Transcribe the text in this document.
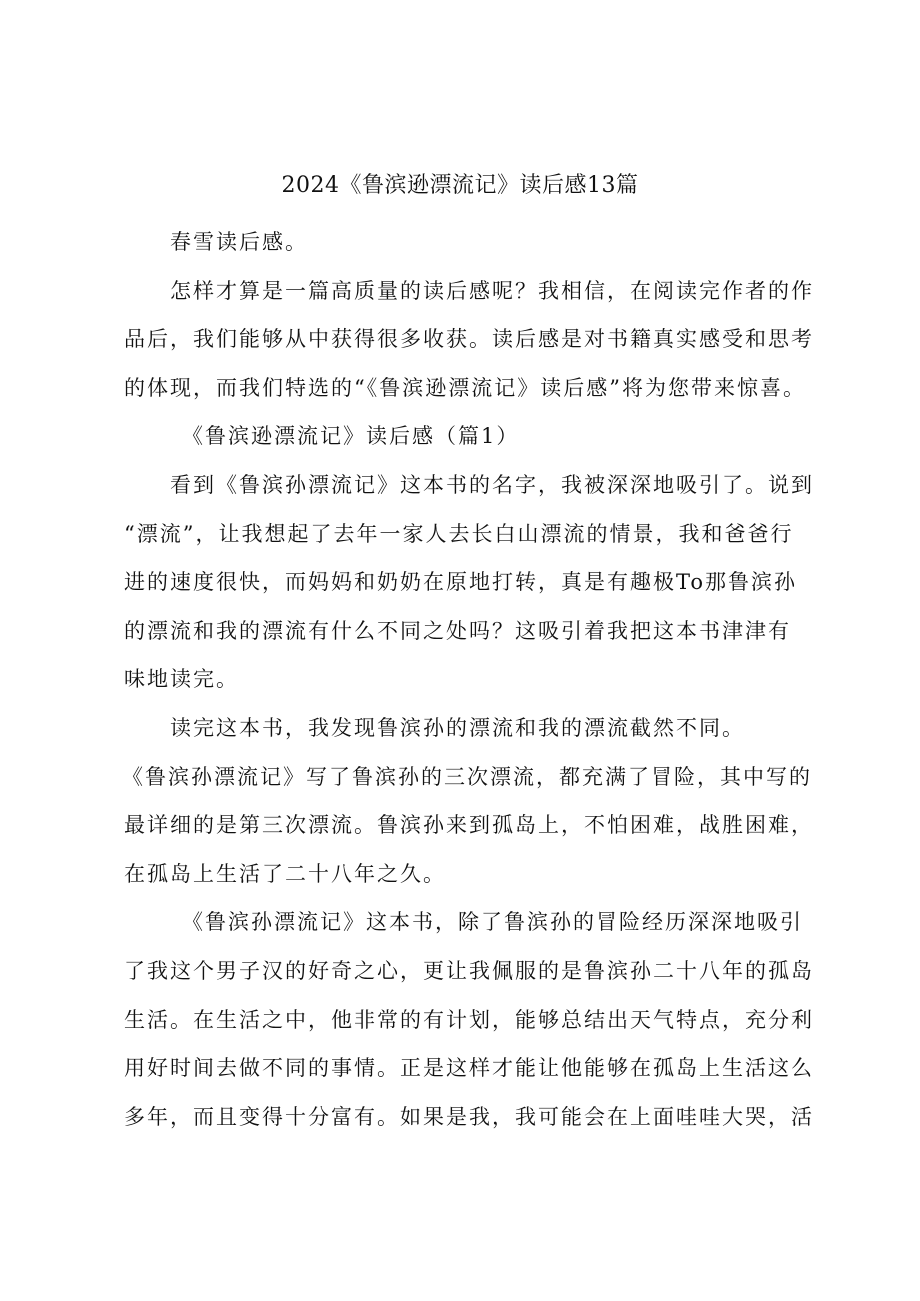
2024《鲁滨逊漂流记》读后感13篇
春雪读后感。
怎样才算是一篇高质量的读后感呢？我相信，在阅读完作者的作
品后，我们能够从中获得很多收获。读后感是对书籍真实感受和思考
的体现，而我们特选的“《鲁滨逊漂流记》读后感”将为您带来惊喜。
《鲁滨逊漂流记》读后感（篇1）
看到《鲁滨孙漂流记》这本书的名字，我被深深地吸引了。说到
“漂流”，让我想起了去年一家人去长白山漂流的情景，我和爸爸行
进的速度很快，而妈妈和奶奶在原地打转，真是有趣极To那鲁滨孙
的漂流和我的漂流有什么不同之处吗？这吸引着我把这本书津津有
味地读完。
读完这本书，我发现鲁滨孙的漂流和我的漂流截然不同。
《鲁滨孙漂流记》写了鲁滨孙的三次漂流，都充满了冒险，其中写的
最详细的是第三次漂流。鲁滨孙来到孤岛上，不怕困难，战胜困难，
在孤岛上生活了二十八年之久。
《鲁滨孙漂流记》这本书，除了鲁滨孙的冒险经历深深地吸引
了我这个男子汉的好奇之心，更让我佩服的是鲁滨孙二十八年的孤岛
生活。在生活之中，他非常的有计划，能够总结出天气特点，充分利
用好时间去做不同的事情。正是这样才能让他能够在孤岛上生活这么
多年，而且变得十分富有。如果是我，我可能会在上面哇哇大哭，活
